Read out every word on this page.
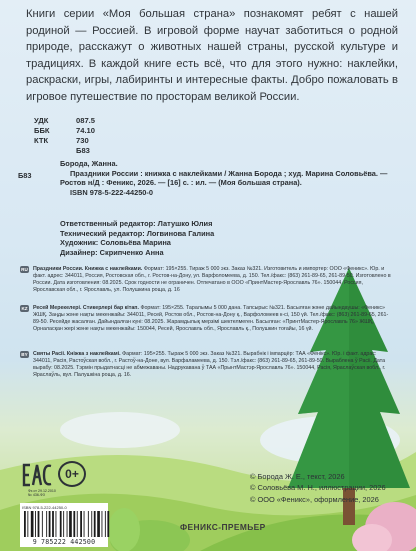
Книги серии «Моя большая страна» познакомят ребят с нашей родиной — Россией. В игровой форме научат заботиться о родной природе, расскажут о животных нашей страны, русской культуре и традициях. В каждой книге есть всё, что для этого нужно: наклейки, раскраски, игры, лабиринты и интересные факты. Добро пожаловать в игровое путешествие по просторам великой России.
УДК	087.5
ББК	74.10
КТК	730
Б83
Б83
Борода, Жанна.
Праздники России : книжка с наклейками / Жанна Борода ; худ. Марина Соловьёва. —
Ростов н/Д : Феникс, 2026. — [16] с. : ил. — (Моя большая страна).
ISBN 978-5-222-44250-0
Ответственный редактор: Латушко Юлия
Технический редактор: Логвинова Галина
Художник: Соловьёва Марина
Дизайнер: Скрипченко Анна
RU Праздники России. Книжка с наклейками. Формат: 195×255. Тираж 5 000 экз. Заказ №321. Изготовитель и импортер: ООО «Феникс». Юр. и факт. адрес: 344011, Россия, Ростовская обл., г. Ростов-на-Дону, ул. Варфоломеева, д. 150. Тел./факс: (863) 261-89-65, 261-89-50. Изготовлено в России. Дата изготовления: 08.2025. Срок годности не ограничен. Отпечатано в ООО «ПринтМастер-Ярославль 76». 150044, Россия, Ярославская обл., г. Ярославль, ул. Полушкина роща, д. 16
KZ Ресей Мерекелері. Стикерлері бар кітап. Формат: 195×255. Таралымы 5 000 дана. Тапсырыс №321. Басылған және дайындаушы: «Феникс» ЖШҚ. Заңды және нақты мекенжайы: 344011, Ресей, Ростов обл., Ростов-на-Дону қ., Варфоломеев к-сі, 150 үй. Тел./факс: (863) 261-89-65, 261-89-50. Ресейде жасалған. Дайындалған күні: 08.2025. Жарамдылық мерзімі шектелмеген. Басылған: «ПринтМастер-Ярославль 76» ЖШҚ, Орналасқан жері және нақты мекенжайы: 150044, Ресей, Ярославль обл., Ярославль қ., Полушкин тоғайы, 16 үй.
BY Святы Расіі. Кніжка з наклейкамі. Фармат: 195×255. Тыраж 5 000 экз. Заказ №321. Вырабнік і імпарцёр: ТАА «Фенікс». Юр. і факт. адрас: 344011, Расія, Растоўская вобл., г. Растоў-на-Доне, вул. Варфаламеева, д. 150. Тэл./факс: (863) 261-89-65, 261-89-50. Выраблена ў Расіі. Дата вырабу: 08.2025. Тэрмін прыдатнасці не абмежаваны. Надрукавана ў ТАА «ПрынтМастэр-Ярославль 76». 150044, Расія, Яраслаўская вобл., г. Яраслаўль, вул. Палушкіна роща, д. 16.
© Борода Ж. Е., текст, 2026
© Соловьёва М. Н., иллюстрации, 2026
© ООО «Феникс», оформление, 2026
0+
Фз от 29.12.2010
№ 436-ФЗ
ISBN 978-5-222-44250-0
9 785222 442500
ФЕНИКС-ПРЕМЬЕР
